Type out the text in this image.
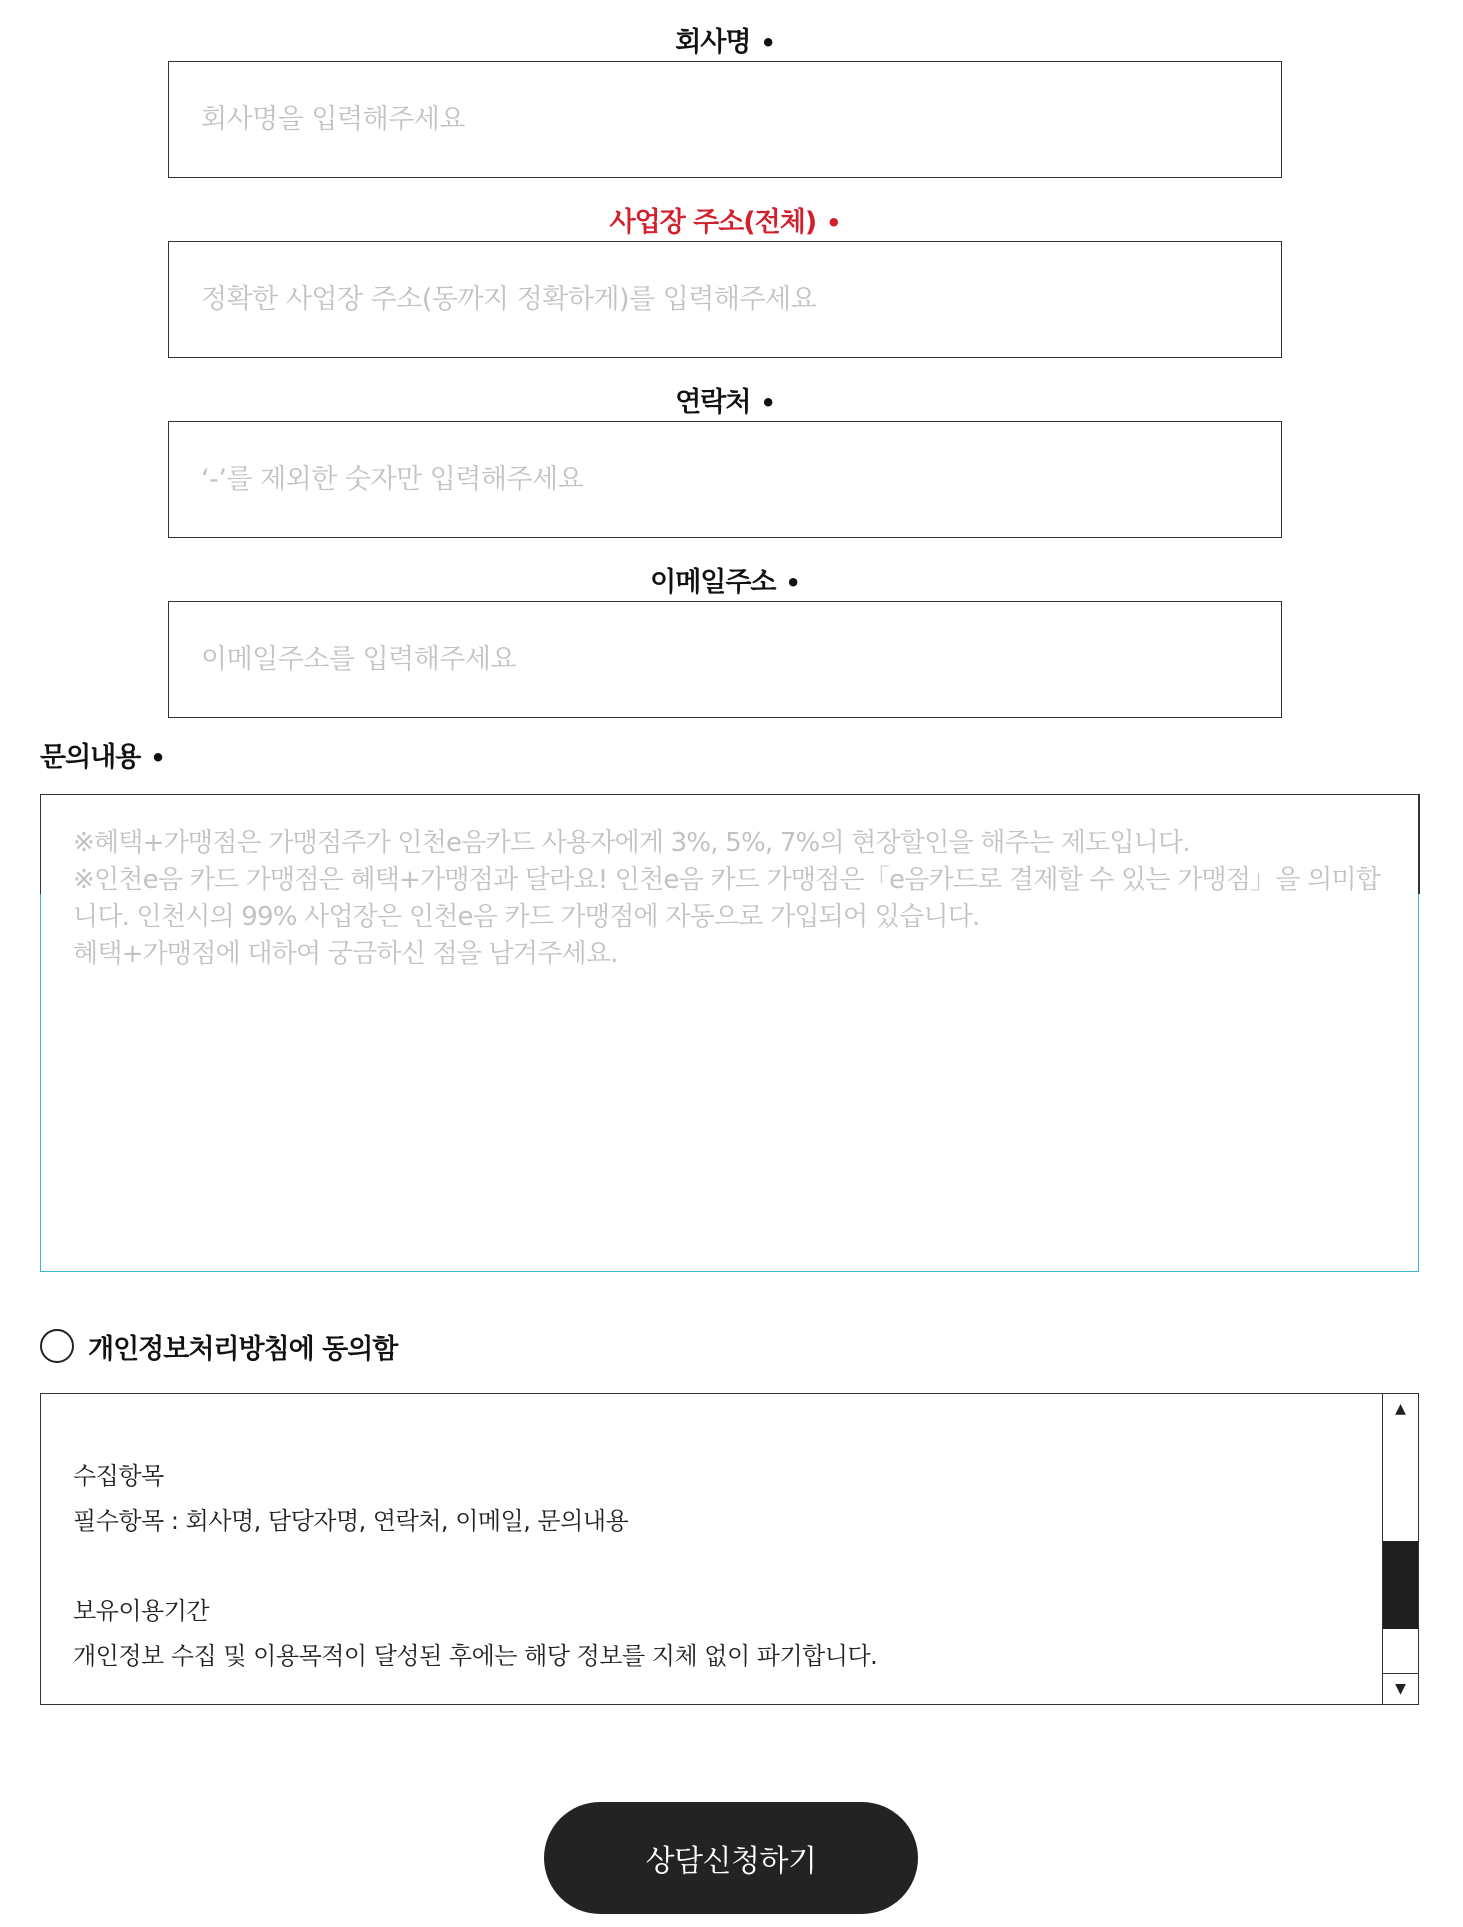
회사명 •
회사명을 입력해주세요
사업장 주소(전체) •
정확한 사업장 주소(동까지 정확하게)를 입력해주세요
연락처 •
‘-’를 제외한 숫자만 입력해주세요
이메일주소 •
이메일주소를 입력해주세요
문의내용 •
※혜택+가맹점은 가맹점주가 인천e음카드 사용자에게 3%, 5%, 7%의 현장할인을 해주는 제도입니다. ※인천e음 카드 가맹점은 혜택+가맹점과 달라요! 인천e음 카드 가맹점은「e음카드로 결제할 수 있는 가맹점」을 의미합니다. 인천시의 99% 사업장은 인천e음 카드 가맹점에 자동으로 가입되어 있습니다. 혜택+가맹점에 대하여 궁금하신 점을 남겨주세요.
개인정보처리방침에 동의함
수집항목
필수항목 : 회사명, 담당자명, 연락처, 이메일, 문의내용
보유이용기간
개인정보 수집 및 이용목적이 달성된 후에는 해당 정보를 지체 없이 파기합니다.
▲
▼
상담신청하기
